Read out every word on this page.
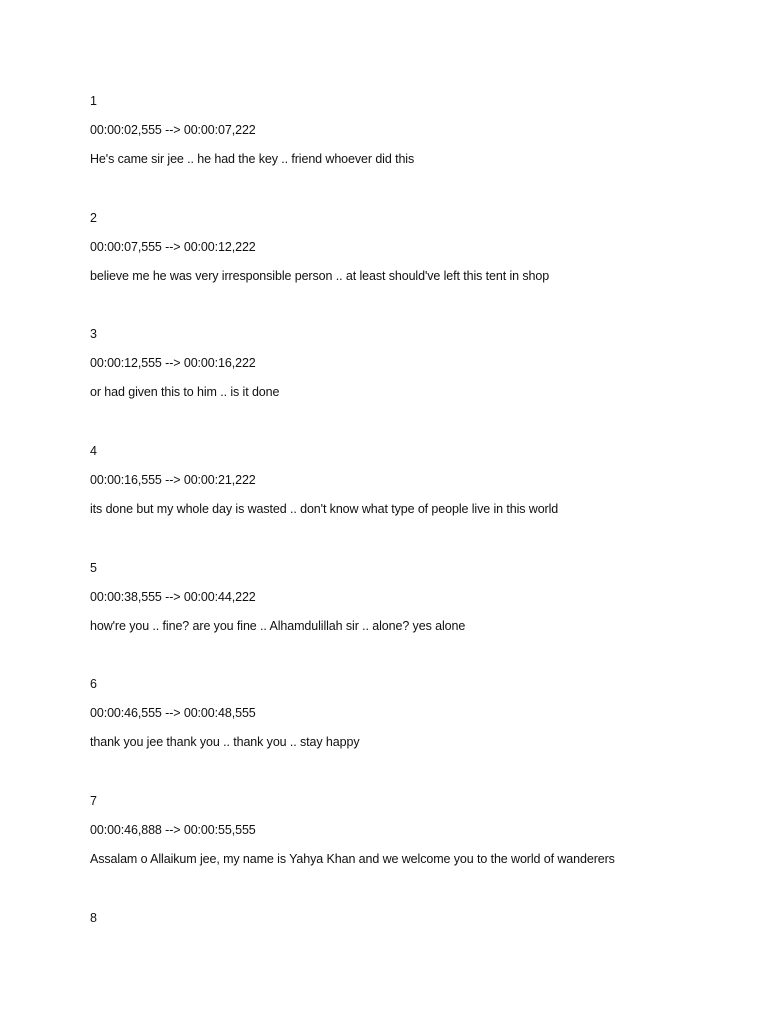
1
00:00:02,555 --> 00:00:07,222
He's came sir jee .. he had the key .. friend whoever did this
2
00:00:07,555 --> 00:00:12,222
believe me he was very irresponsible person .. at least should've left this tent in shop
3
00:00:12,555 --> 00:00:16,222
or had given this to him .. is it done
4
00:00:16,555 --> 00:00:21,222
its done but my whole day is wasted .. don't know what type of people live in this world
5
00:00:38,555 --> 00:00:44,222
how're you .. fine? are you fine .. Alhamdulillah sir .. alone? yes alone
6
00:00:46,555 --> 00:00:48,555
thank you jee thank you .. thank you .. stay happy
7
00:00:46,888 --> 00:00:55,555
Assalam o Allaikum jee, my name is Yahya Khan and we welcome you to the world of wanderers
8
